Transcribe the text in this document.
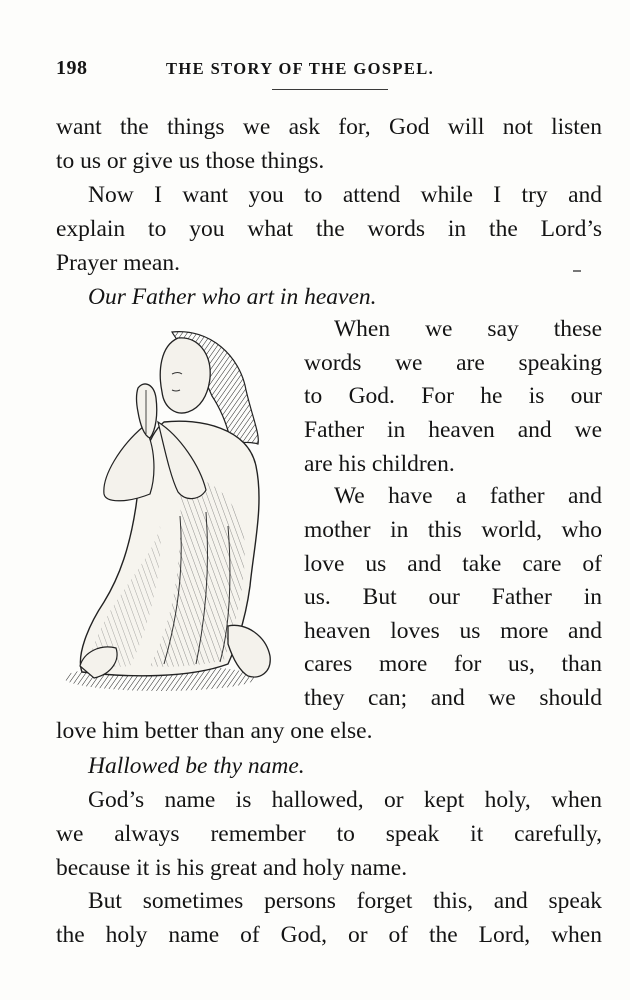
198	THE STORY OF THE GOSPEL.
want the things we ask for, God will not listen
to us or give us those things.
Now I want you to attend while I try and
explain to you what the words in the Lord’s
Prayer mean.
Our Father who art in heaven.
When we say these
words we are speaking
to God. For he is our
Father in heaven and we
are his children.
We have a father and
mother in this world, who
love us and take care of
us. But our Father in
heaven loves us more and
cares more for us, than
they can; and we should
love him better than any one else.
Hallowed be thy name.
God’s name is hallowed, or kept holy, when
we always remember to speak it carefully,
because it is his great and holy name.
But sometimes persons forget this, and speak
the holy name of God, or of the Lord, when
